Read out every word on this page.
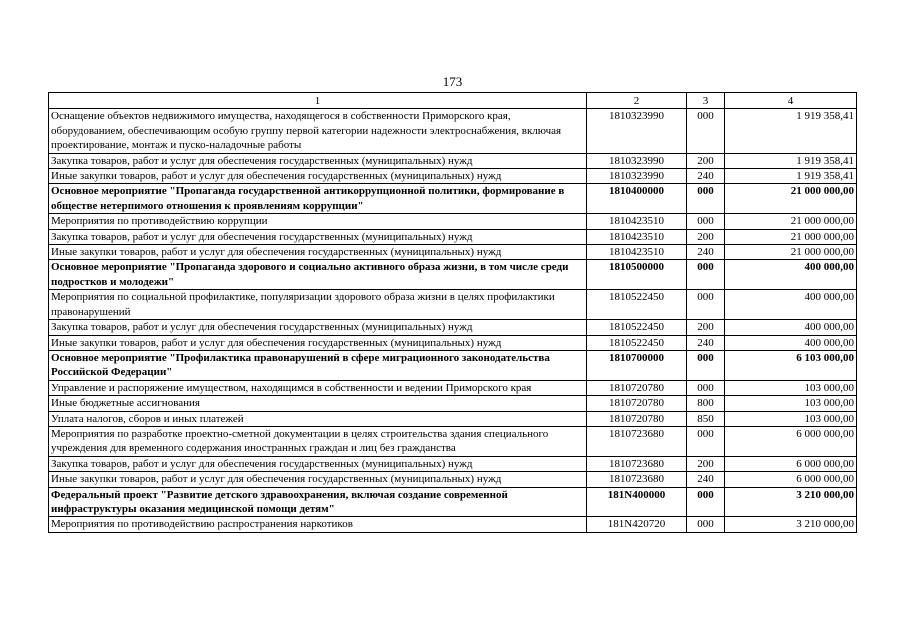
173
1	2	3	4
Оснащение объектов недвижимого имущества, находящегося в собственности Приморского края, оборудованием, обеспечивающим особую группу первой категории надежности электроснабжения, включая проектирование, монтаж и пуско-наладочные работы	1810323990	000	1 919 358,41
Закупка товаров, работ и услуг для обеспечения государственных (муниципальных) нужд	1810323990	200	1 919 358,41
Иные закупки товаров, работ и услуг для обеспечения государственных (муниципальных) нужд	1810323990	240	1 919 358,41
Основное мероприятие "Пропаганда государственной антикоррупционной политики, формирование в обществе нетерпимого отношения к проявлениям коррупции"	1810400000	000	21 000 000,00
Мероприятия по противодействию коррупции	1810423510	000	21 000 000,00
Закупка товаров, работ и услуг для обеспечения государственных (муниципальных) нужд	1810423510	200	21 000 000,00
Иные закупки товаров, работ и услуг для обеспечения государственных (муниципальных) нужд	1810423510	240	21 000 000,00
Основное мероприятие "Пропаганда здорового и социально активного образа жизни, в том числе среди подростков и молодежи"	1810500000	000	400 000,00
Мероприятия по социальной профилактике, популяризации здорового образа жизни в целях профилактики правонарушений	1810522450	000	400 000,00
Закупка товаров, работ и услуг для обеспечения государственных (муниципальных) нужд	1810522450	200	400 000,00
Иные закупки товаров, работ и услуг для обеспечения государственных (муниципальных) нужд	1810522450	240	400 000,00
Основное мероприятие "Профилактика правонарушений в сфере миграционного законодательства Российской Федерации"	1810700000	000	6 103 000,00
Управление и распоряжение имуществом, находящимся в собственности и ведении Приморского края	1810720780	000	103 000,00
Иные бюджетные ассигнования	1810720780	800	103 000,00
Уплата налогов, сборов и иных платежей	1810720780	850	103 000,00
Мероприятия по разработке проектно-сметной документации в целях строительства здания специального учреждения для временного содержания иностранных граждан и лиц без гражданства	1810723680	000	6 000 000,00
Закупка товаров, работ и услуг для обеспечения государственных (муниципальных) нужд	1810723680	200	6 000 000,00
Иные закупки товаров, работ и услуг для обеспечения государственных (муниципальных) нужд	1810723680	240	6 000 000,00
Федеральный проект "Развитие детского здравоохранения, включая создание современной инфраструктуры оказания медицинской помощи детям"	181N400000	000	3 210 000,00
Мероприятия по противодействию распространения наркотиков	181N420720	000	3 210 000,00
